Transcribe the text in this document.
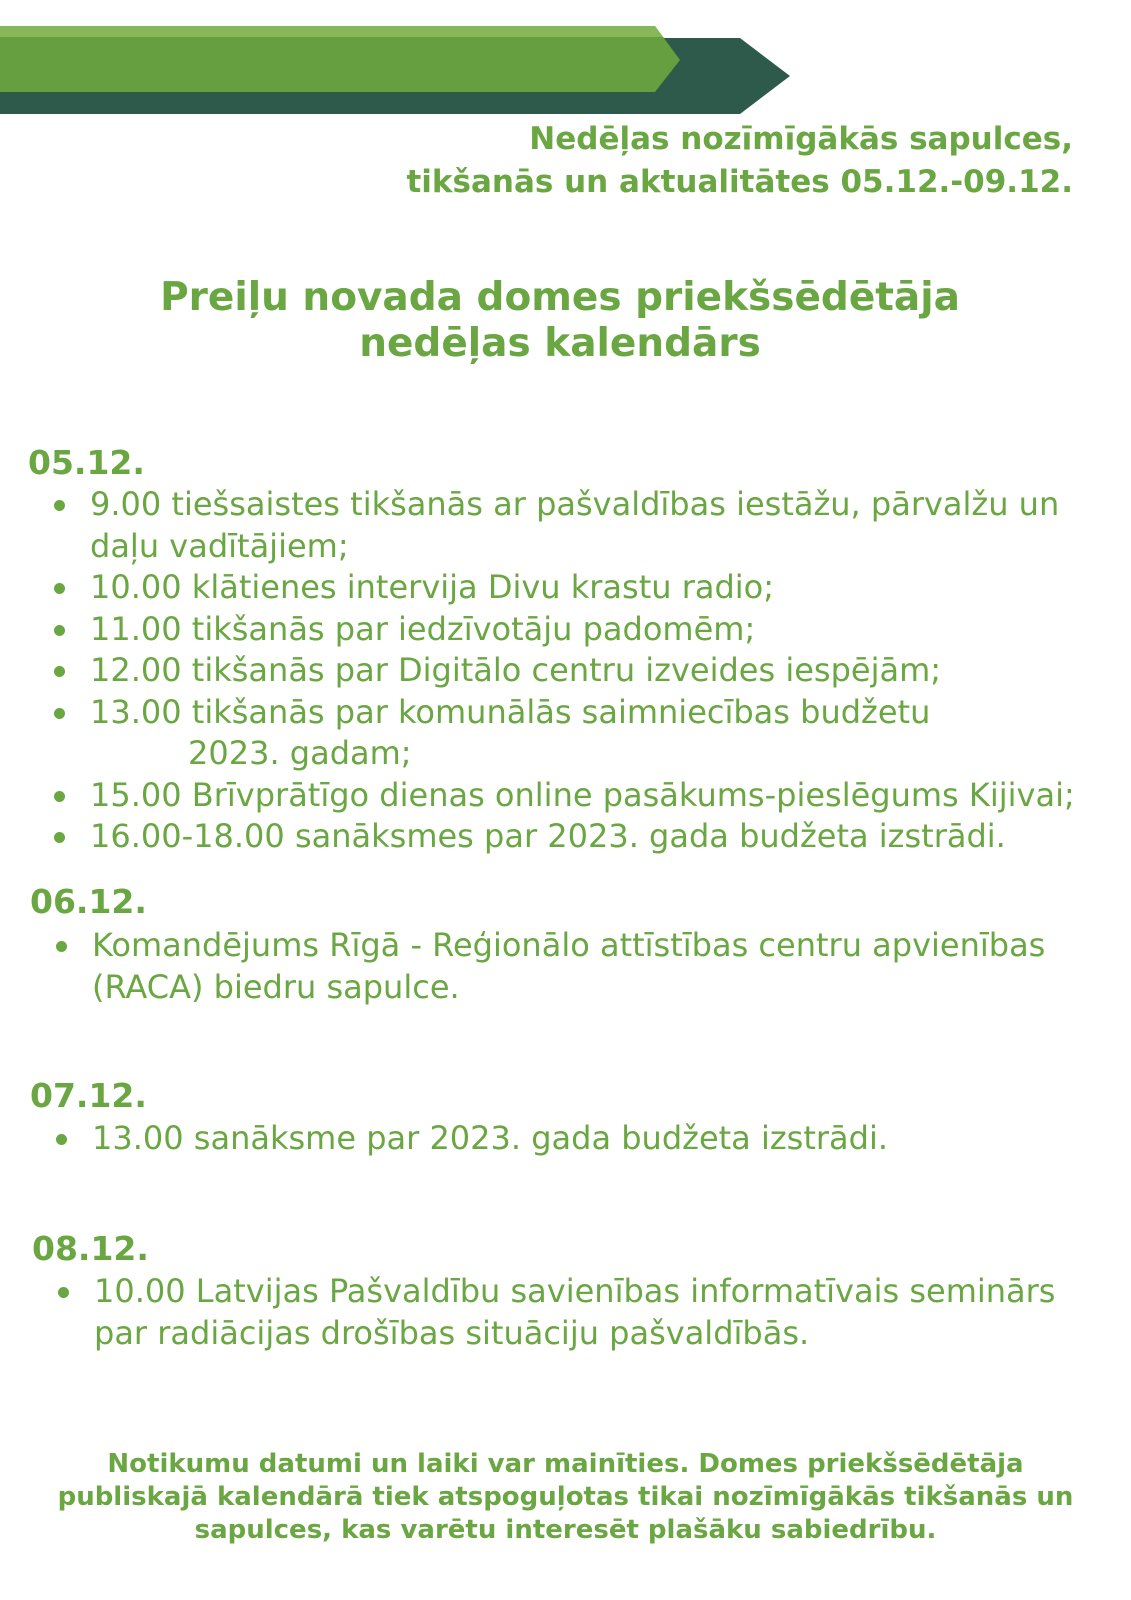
Nedēļas nozīmīgākās sapulces,
tikšanās un aktualitātes 05.12.-09.12.
Preiļu novada domes priekšsēdētāja
nedēļas kalendārs
05.12.
9.00 tiešsaistes tikšanās ar pašvaldības iestāžu, pārvalžu un
daļu vadītājiem;
10.00 klātienes intervija Divu krastu radio;
11.00 tikšanās par iedzīvotāju padomēm;
12.00 tikšanās par Digitālo centru izveides iespējām;
13.00 tikšanās par komunālās saimniecības budžetu
2023. gadam;
15.00 Brīvprātīgo dienas online pasākums-pieslēgums Kijivai;
16.00-18.00 sanāksmes par 2023. gada budžeta izstrādi.
06.12.
Komandējums Rīgā - Reģionālo attīstības centru apvienības
(RACA) biedru sapulce.
07.12.
13.00 sanāksme par 2023. gada budžeta izstrādi.
08.12.
10.00 Latvijas Pašvaldību savienības informatīvais seminārs
par radiācijas drošības situāciju pašvaldībās.
Notikumu datumi un laiki var mainīties. Domes priekšsēdētāja
publiskajā kalendārā tiek atspoguļotas tikai nozīmīgākās tikšanās un
sapulces, kas varētu interesēt plašāku sabiedrību.
